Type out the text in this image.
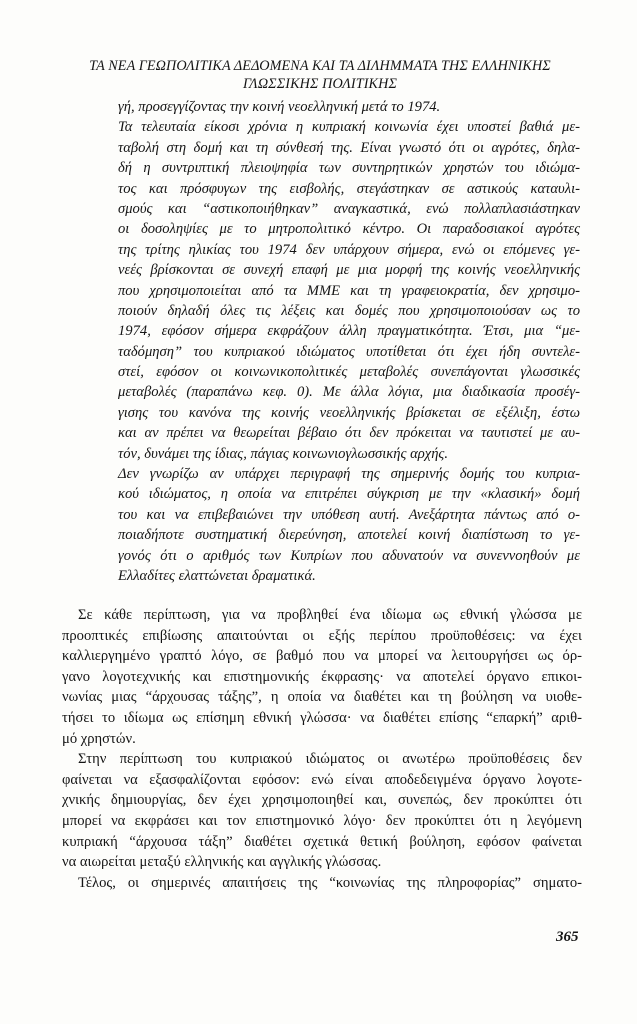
ΤΑ ΝΕΑ ΓΕΩΠΟΛΙΤΙΚΑ ΔΕΔΟΜΕΝΑ ΚΑΙ ΤΑ ΔΙΛΗΜΜΑΤΑ ΤΗΣ ΕΛΛΗΝΙΚΗΣ
ΓΛΩΣΣΙΚΗΣ ΠΟΛΙΤΙΚΗΣ
γή, προσεγγίζοντας την κοινή νεοελληνική μετά το 1974.
Τα τελευταία είκοσι χρόνια η κυπριακή κοινωνία έχει υποστεί βαθιά με-
ταβολή στη δομή και τη σύνθεσή της. Είναι γνωστό ότι οι αγρότες, δηλα-
δή η συντριπτική πλειοψηφία των συντηρητικών χρηστών του ιδιώμα-
τος και πρόσφυγων της εισβολής, στεγάστηκαν σε αστικούς καταυλι-
σμούς και “αστικοποιήθηκαν” αναγκαστικά, ενώ πολλαπλασιάστηκαν
οι δοσοληψίες με το μητροπολιτικό κέντρο. Οι παραδοσιακοί αγρότες
της τρίτης ηλικίας του 1974 δεν υπάρχουν σήμερα, ενώ οι επόμενες γε-
νεές βρίσκονται σε συνεχή επαφή με μια μορφή της κοινής νεοελληνικής
που χρησιμοποιείται από τα ΜΜΕ και τη γραφειοκρατία, δεν χρησιμο-
ποιούν δηλαδή όλες τις λέξεις και δομές που χρησιμοποιούσαν ως το
1974, εφόσον σήμερα εκφράζουν άλλη πραγματικότητα. Έτσι, μια “με-
ταδόμηση” του κυπριακού ιδιώματος υποτίθεται ότι έχει ήδη συντελε-
στεί, εφόσον οι κοινωνικοπολιτικές μεταβολές συνεπάγονται γλωσσικές
μεταβολές (παραπάνω κεφ. 0). Με άλλα λόγια, μια διαδικασία προσέγ-
γισης του κανόνα της κοινής νεοελληνικής βρίσκεται σε εξέλιξη, έστω
και αν πρέπει να θεωρείται βέβαιο ότι δεν πρόκειται να ταυτιστεί με αυ-
τόν, δυνάμει της ίδιας, πάγιας κοινωνιογλωσσικής αρχής.
Δεν γνωρίζω αν υπάρχει περιγραφή της σημερινής δομής του κυπρια-
κού ιδιώματος, η οποία να επιτρέπει σύγκριση με την «κλασική» δομή
του και να επιβεβαιώνει την υπόθεση αυτή. Ανεξάρτητα πάντως από ο-
ποιαδήποτε συστηματική διερεύνηση, αποτελεί κοινή διαπίστωση το γε-
γονός ότι ο αριθμός των Κυπρίων που αδυνατούν να συνεννοηθούν με
Ελλαδίτες ελαττώνεται δραματικά.
Σε κάθε περίπτωση, για να προβληθεί ένα ιδίωμα ως εθνική γλώσσα με
προοπτικές επιβίωσης απαιτούνται οι εξής περίπου προϋποθέσεις: να έχει
καλλιεργημένο γραπτό λόγο, σε βαθμό που να μπορεί να λειτουργήσει ως όρ-
γανο λογοτεχνικής και επιστημονικής έκφρασης· να αποτελεί όργανο επικοι-
νωνίας μιας “άρχουσας τάξης”, η οποία να διαθέτει και τη βούληση να υιοθε-
τήσει το ιδίωμα ως επίσημη εθνική γλώσσα· να διαθέτει επίσης “επαρκή” αριθ-
μό χρηστών.
Στην περίπτωση του κυπριακού ιδιώματος οι ανωτέρω προϋποθέσεις δεν
φαίνεται να εξασφαλίζονται εφόσον: ενώ είναι αποδεδειγμένα όργανο λογοτε-
χνικής δημιουργίας, δεν έχει χρησιμοποιηθεί και, συνεπώς, δεν προκύπτει ότι
μπορεί να εκφράσει και τον επιστημονικό λόγο· δεν προκύπτει ότι η λεγόμενη
κυπριακή “άρχουσα τάξη” διαθέτει σχετικά θετική βούληση, εφόσον φαίνεται
να αιωρείται μεταξύ ελληνικής και αγγλικής γλώσσας.
Τέλος, οι σημερινές απαιτήσεις της “κοινωνίας της πληροφορίας” σηματο-
365
